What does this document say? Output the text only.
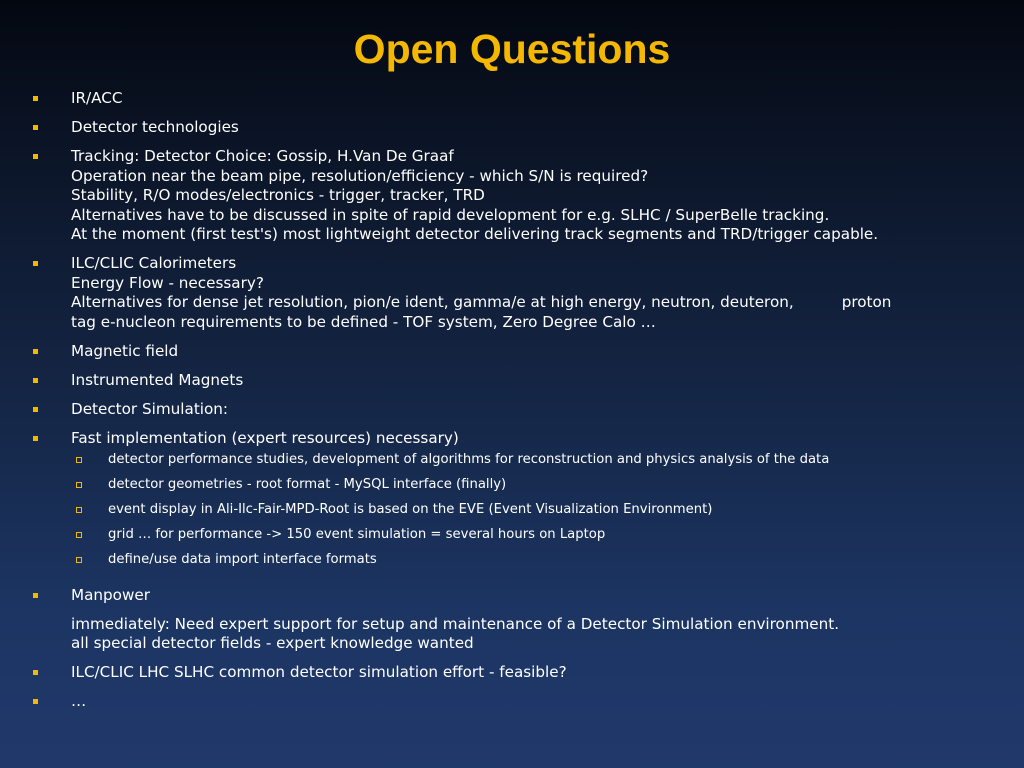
Open Questions
IR/ACC
Detector technologies
Tracking: Detector Choice: Gossip, H.Van De Graaf
Operation near the beam pipe, resolution/efficiency - which S/N is required?
Stability, R/O modes/electronics - trigger, tracker, TRD
Alternatives have to be discussed in spite of rapid development for e.g. SLHC / SuperBelle tracking.
At the moment (first test's) most lightweight detector delivering track segments and TRD/trigger capable.
ILC/CLIC Calorimeters
Energy Flow - necessary?
Alternatives for dense jet resolution, pion/e ident, gamma/e at high energy, neutron, deuteron,	proton
tag e-nucleon requirements to be defined - TOF system, Zero Degree Calo …
Magnetic field
Instrumented Magnets
Detector Simulation:
Fast implementation (expert resources) necessary)
detector performance studies, development of algorithms for reconstruction and physics analysis of the data
detector geometries - root format - MySQL interface (finally)
event display in Ali-Ilc-Fair-MPD-Root is based on the EVE (Event Visualization Environment)
grid … for performance -> 150 event simulation = several hours on Laptop
define/use data import interface formats
Manpower
immediately: Need expert support for setup and maintenance of a Detector Simulation environment.
all special detector fields - expert knowledge wanted
ILC/CLIC LHC SLHC common detector simulation effort - feasible?
…
